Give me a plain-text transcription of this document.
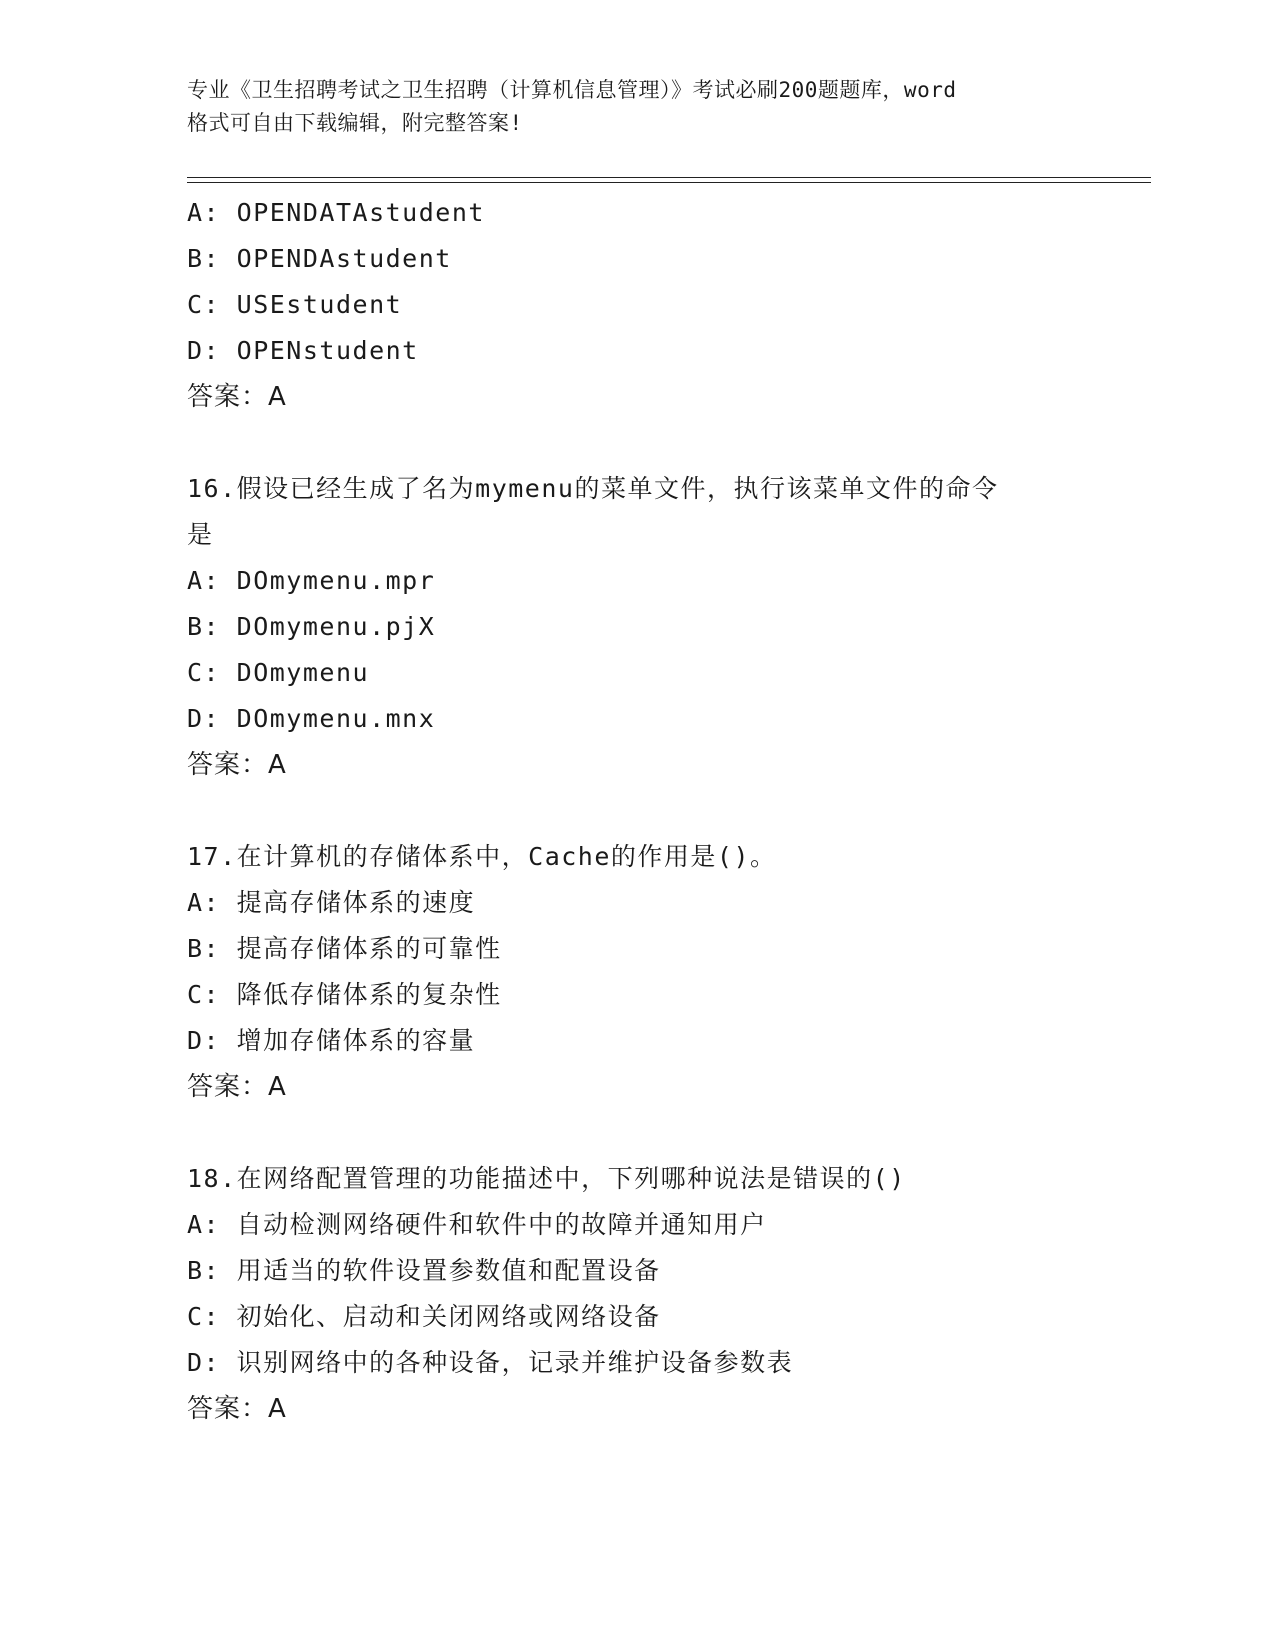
专业《卫生招聘考试之卫生招聘（计算机信息管理）》考试必刷200题题库，word
格式可自由下载编辑，附完整答案!
A: OPENDATAstudent
B: OPENDAstudent
C: USEstudent
D: OPENstudent
答案：A
16.假设已经生成了名为mymenu的菜单文件，执行该菜单文件的命令
是
A: DOmymenu.mpr
B: DOmymenu.pjX
C: DOmymenu
D: DOmymenu.mnx
答案：A
17.在计算机的存储体系中，Cache的作用是()。
A: 提高存储体系的速度
B: 提高存储体系的可靠性
C: 降低存储体系的复杂性
D: 增加存储体系的容量
答案：A
18.在网络配置管理的功能描述中，下列哪种说法是错误的()
A: 自动检测网络硬件和软件中的故障并通知用户
B: 用适当的软件设置参数值和配置设备
C: 初始化、启动和关闭网络或网络设备
D: 识别网络中的各种设备，记录并维护设备参数表
答案：A
